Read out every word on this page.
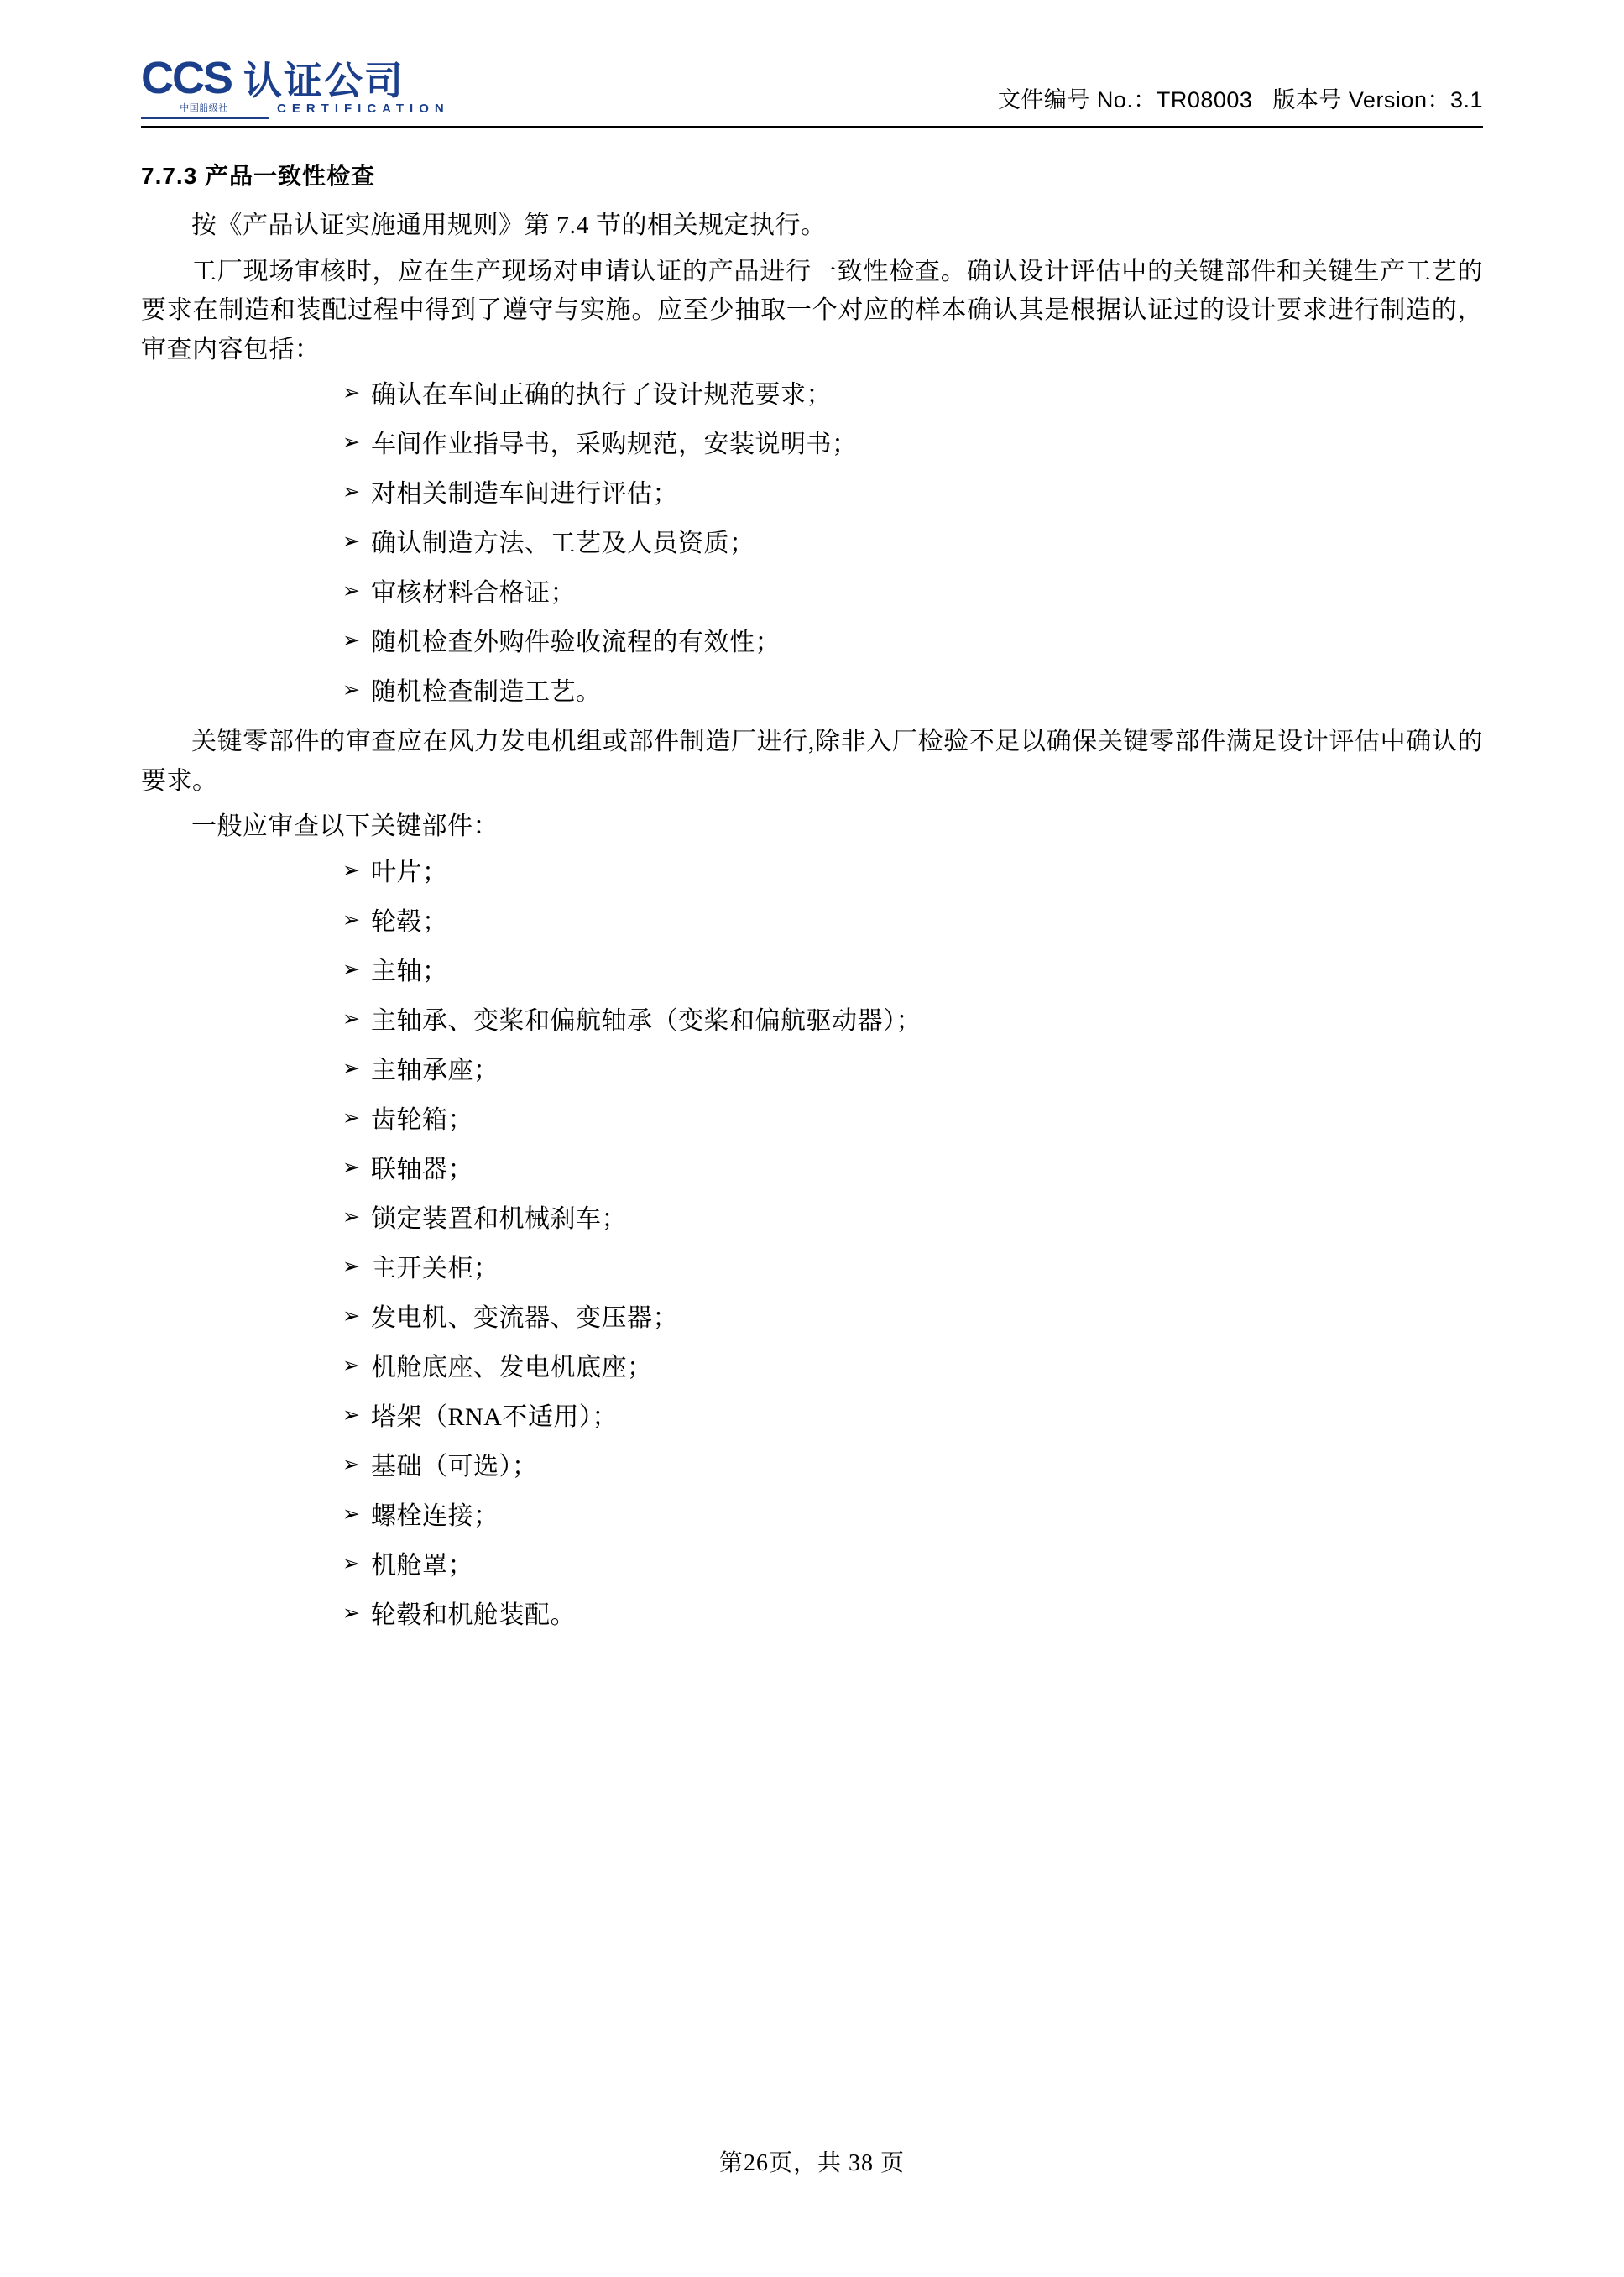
CCS 认证公司
中国船级社	CERTIFICATION	文件编号 No.：TR08003   版本号 Version：3.1
7.7.3 产品一致性检查

按《产品认证实施通用规则》第 7.4 节的相关规定执行。

工厂现场审核时，应在生产现场对申请认证的产品进行一致性检查。确认设计评估中的关键部件和关键生产工艺的要求在制造和装配过程中得到了遵守与实施。应至少抽取一个对应的样本确认其是根据认证过的设计要求进行制造的，审查内容包括：

➢ 确认在车间正确的执行了设计规范要求；
➢ 车间作业指导书，采购规范，安装说明书；
➢ 对相关制造车间进行评估；
➢ 确认制造方法、工艺及人员资质；
➢ 审核材料合格证；
➢ 随机检查外购件验收流程的有效性；
➢ 随机检查制造工艺。

关键零部件的审查应在风力发电机组或部件制造厂进行,除非入厂检验不足以确保关键零部件满足设计评估中确认的要求。

一般应审查以下关键部件：

➢ 叶片；
➢ 轮毂；
➢ 主轴；
➢ 主轴承、变桨和偏航轴承（变桨和偏航驱动器）；
➢ 主轴承座；
➢ 齿轮箱；
➢ 联轴器；
➢ 锁定装置和机械刹车；
➢ 主开关柜；
➢ 发电机、变流器、变压器；
➢ 机舱底座、发电机底座；
➢ 塔架（RNA不适用）；
➢ 基础（可选）；
➢ 螺栓连接；
➢ 机舱罩；
➢ 轮毂和机舱装配。
第26页，共 38 页
